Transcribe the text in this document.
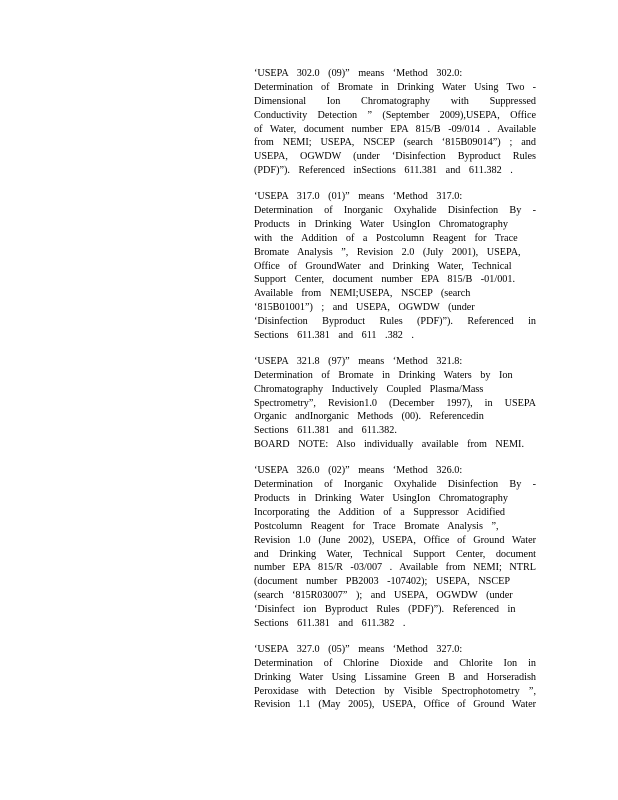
‘USEPA 302.0 (09)” means ‘Method 302.0:
Determination of Bromate in Drinking Water Using Two -
Dimensional Ion Chromatography with Suppressed
Conductivity Detection ” (September 2009),USEPA, Office
of Water, document number EPA 815/B -09/014 . Available
from NEMI; USEPA, NSCEP (search ‘815B09014”) ; and
USEPA, OGWDW (under ‘Disinfection Byproduct Rules
(PDF)”). Referenced inSections 611.381 and 611.382 .
‘USEPA 317.0 (01)” means ‘Method 317.0:
Determination of Inorganic Oxyhalide Disinfection By -
Products in Drinking Water UsingIon Chromatography
with the Addition of a Postcolumn Reagent for Trace
Bromate Analysis ”, Revision 2.0 (July 2001), USEPA,
Office of GroundWater and Drinking Water, Technical
Support Center, document number EPA 815/B -01/001.
Available from NEMI;USEPA, NSCEP (search
‘815B01001”) ; and USEPA, OGWDW (under
‘Disinfection Byproduct Rules (PDF)”). Referenced in
Sections 611.381 and 611 .382 .
‘USEPA 321.8 (97)” means ‘Method 321.8:
Determination of Bromate in Drinking Waters by Ion
Chromatography Inductively Coupled Plasma/Mass
Spectrometry”, Revision1.0 (December 1997), in USEPA
Organic andInorganic Methods (00). Referencedin
Sections 611.381 and 611.382.
BOARD NOTE: Also individually available from NEMI.
‘USEPA 326.0 (02)” means ‘Method 326.0:
Determination of Inorganic Oxyhalide Disinfection By -
Products in Drinking Water UsingIon Chromatography
Incorporating the Addition of a Suppressor Acidified
Postcolumn Reagent for Trace Bromate Analysis ”,
Revision 1.0 (June 2002), USEPA, Office of Ground Water
and Drinking Water, Technical Support Center, document
number EPA 815/R -03/007 . Available from NEMI; NTRL
(document number PB2003 -107402); USEPA, NSCEP
(search ‘815R03007” ); and USEPA, OGWDW (under
‘Disinfect ion Byproduct Rules (PDF)”). Referenced in
Sections 611.381 and 611.382 .
‘USEPA 327.0 (05)” means ‘Method 327.0:
Determination of Chlorine Dioxide and Chlorite Ion in
Drinking Water Using Lissamine Green B and Horseradish
Peroxidase with Detection by Visible Spectrophotometry ”,
Revision 1.1 (May 2005), USEPA, Office of Ground Water
